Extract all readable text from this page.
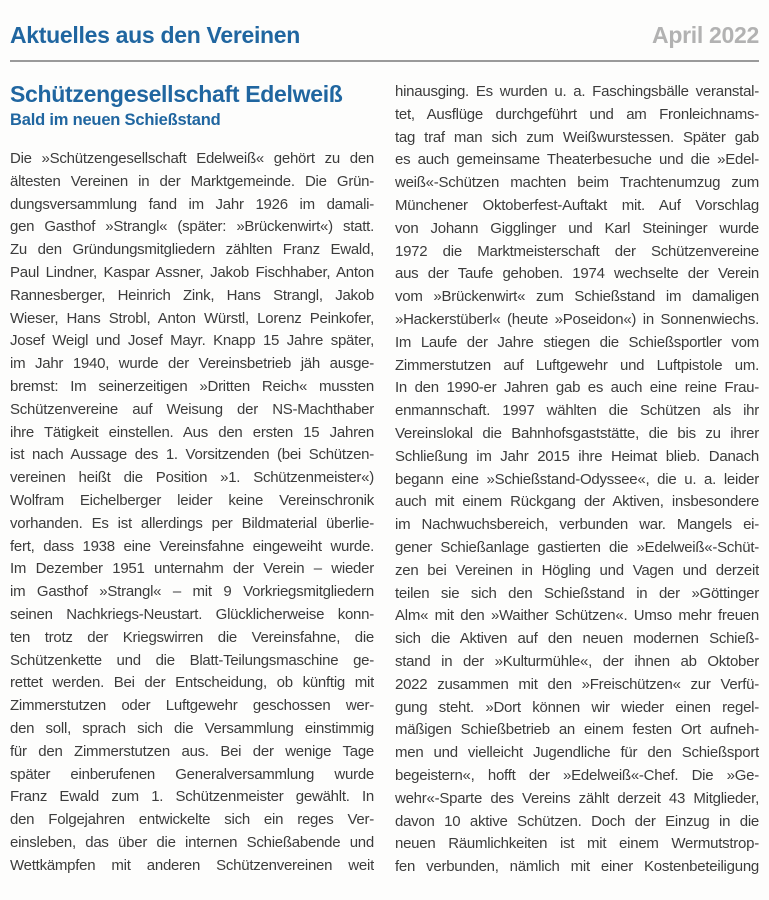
Aktuelles aus den Vereinen	April 2022
Schützengesellschaft Edelweiß
Bald im neuen Schießstand
Die »Schützengesellschaft Edelweiß« gehört zu den
ältesten Vereinen in der Marktgemeinde. Die Grün-
dungsversammlung fand im Jahr 1926 im damali-
gen Gasthof »Strangl« (später: »Brückenwirt«) statt.
Zu den Gründungsmitgliedern zählten Franz Ewald,
Paul Lindner, Kaspar Assner, Jakob Fischhaber, Anton
Rannesberger, Heinrich Zink, Hans Strangl, Jakob
Wieser, Hans Strobl, Anton Würstl, Lorenz Peinkofer,
Josef Weigl und Josef Mayr. Knapp 15 Jahre später,
im Jahr 1940, wurde der Vereinsbetrieb jäh ausge-
bremst: Im seinerzeitigen »Dritten Reich« mussten
Schützenvereine auf Weisung der NS-Machthaber
ihre Tätigkeit einstellen. Aus den ersten 15 Jahren
ist nach Aussage des 1. Vorsitzenden (bei Schützen-
vereinen heißt die Position »1. Schützenmeister«)
Wolfram Eichelberger leider keine Vereinschronik
vorhanden. Es ist allerdings per Bildmaterial überlie-
fert, dass 1938 eine Vereinsfahne eingeweiht wurde.
Im Dezember 1951 unternahm der Verein – wieder
im Gasthof »Strangl« – mit 9 Vorkriegsmitgliedern
seinen Nachkriegs-Neustart. Glücklicherweise konn-
ten trotz der Kriegswirren die Vereinsfahne, die
Schützenkette und die Blatt-Teilungsmaschine ge-
rettet werden. Bei der Entscheidung, ob künftig mit
Zimmerstutzen oder Luftgewehr geschossen wer-
den soll, sprach sich die Versammlung einstimmig
für den Zimmerstutzen aus. Bei der wenige Tage
später einberufenen Generalversammlung wurde
Franz Ewald zum 1. Schützenmeister gewählt. In
den Folgejahren entwickelte sich ein reges Ver-
einsleben, das über die internen Schießabende und
Wettkämpfen mit anderen Schützenvereinen weit
hinausging. Es wurden u. a. Faschingsbälle veranstal-
tet, Ausflüge durchgeführt und am Fronleichnams-
tag traf man sich zum Weißwurstessen. Später gab
es auch gemeinsame Theaterbesuche und die »Edel-
weiß«-Schützen machten beim Trachtenumzug zum
Münchener Oktoberfest-Auftakt mit. Auf Vorschlag
von Johann Gigglinger und Karl Steininger wurde
1972 die Marktmeisterschaft der Schützenvereine
aus der Taufe gehoben. 1974 wechselte der Verein
vom »Brückenwirt« zum Schießstand im damaligen
»Hackerstüberl« (heute »Poseidon«) in Sonnenwiechs.
Im Laufe der Jahre stiegen die Schießsportler vom
Zimmerstutzen auf Luftgewehr und Luftpistole um.
In den 1990-er Jahren gab es auch eine reine Frau-
enmannschaft. 1997 wählten die Schützen als ihr
Vereinslokal die Bahnhofsgaststätte, die bis zu ihrer
Schließung im Jahr 2015 ihre Heimat blieb. Danach
begann eine »Schießstand-Odyssee«, die u. a. leider
auch mit einem Rückgang der Aktiven, insbesondere
im Nachwuchsbereich, verbunden war. Mangels ei-
gener Schießanlage gastierten die »Edelweiß«-Schüt-
zen bei Vereinen in Högling und Vagen und derzeit
teilen sie sich den Schießstand in der »Göttinger
Alm« mit den »Waither Schützen«. Umso mehr freuen
sich die Aktiven auf den neuen modernen Schieß-
stand in der »Kulturmühle«, der ihnen ab Oktober
2022 zusammen mit den »Freischützen« zur Verfü-
gung steht. »Dort können wir wieder einen regel-
mäßigen Schießbetrieb an einem festen Ort aufneh-
men und vielleicht Jugendliche für den Schießsport
begeistern«, hofft der »Edelweiß«-Chef. Die »Ge-
wehr«-Sparte des Vereins zählt derzeit 43 Mitglieder,
davon 10 aktive Schützen. Doch der Einzug in die
neuen Räumlichkeiten ist mit einem Wermutstrop-
fen verbunden, nämlich mit einer Kostenbeteiligung
